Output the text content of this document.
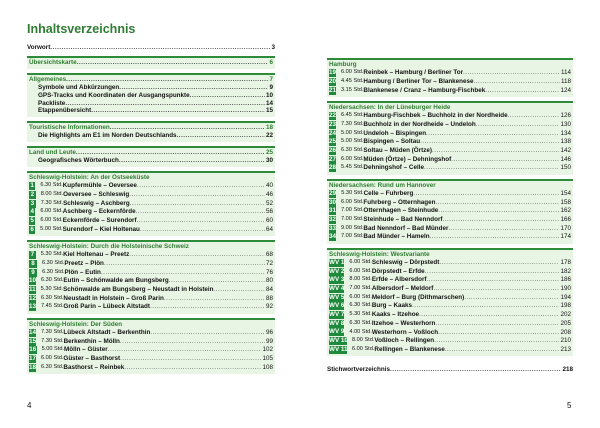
Inhaltsverzeichnis
Vorwort .....	3
Übersichtskarte .....	6
Allgemeines .....	7
Symbole und Abkürzungen .....	9
GPS-Tracks und Koordinaten der Ausgangspunkte .....	10
Packliste .....	14
Etappenübersicht .....	15
Touristische Informationen .....	18
Die Highlights am E1 im Norden Deutschlands .....	22
Land und Leute .....	25
Geografisches Wörterbuch .....	30
Schleswig-Holstein: An der Ostseeküste
1 6.30 Std. Kupfermühle – Oeversee .....	40
2 8.00 Std. Oeversee – Schleswig .....	46
3 7.30 Std. Schleswig – Aschberg .....	52
4 6.00 Std. Aschberg – Eckernförde .....	56
5 6.00 Std. Eckernförde – Surendorf .....	60
6 5.00 Std. Surendorf – Kiel Holtenau .....	64
Schleswig-Holstein: Durch die Holsteinische Schweiz
7 5.30 Std. Kiel Holtenau – Preetz .....	68
8	6.30 Std. Preetz – Plön .....	72
9	6.30 Std. Plön – Eutin .....	76
10 6.30 Std. Eutin – Schönwalde am Bungsberg .....	80
11 5.30 Std. Schönwalde am Bungsberg – Neustadt in Holstein .....	84
12 6.30 Std. Neustadt in Holstein – Groß Parin .....	88
13 7.45 Std. Groß Parin – Lübeck Altstadt .....	92
Schleswig-Holstein: Der Süden
14 7.30 Std. Lübeck Altstadt – Berkenthin .....	96
15 7.30 Std. Berkenthin – Mölln .....	99
16 5.00 Std. Mölln – Güster .....	102
17 6.00 Std. Güster – Basthorst .....	105
18 6.30 Std. Basthorst – Reinbek .....	108
Hamburg
19 6.00 Std. Reinbek – Hamburg / Berliner Tor .....	114
20 4.45 Std. Hamburg / Berliner Tor – Blankenese .....	118
21 3.15 Std. Blankenese / Cranz – Hamburg-Fischbek .....	124
Niedersachsen: In der Lüneburger Heide
22 6.45 Std. Hamburg-Fischbek – Buchholz in der Nordheide .....	126
23 7.30 Std. Buchholz in der Nordheide – Undeloh .....	130
24 5.00 Std. Undeloh – Bispingen .....	134
25 5.00 Std. Bispingen – Soltau .....	138
26 6.30 Std. Soltau – Müden (Örtze) .....	142
27 6.00 Std. Müden (Örtze) – Dehningshof .....	146
28 5.45 Std. Dehningshof – Celle .....	150
Niedersachsen: Rund um Hannover
29 5.30 Std. Celle – Fuhrberg .....	154
30 6.00 Std. Fuhrberg – Otternhagen .....	158
31 7.00 Std. Otternhagen – Steinhude .....	162
32 7.00 Std. Steinhude – Bad Nenndorf .....	166
33 9.00 Std. Bad Nenndorf – Bad Münder .....	170
34 7.00 Std. Bad Münder – Hameln .....	174
Schleswig-Holstein: Westvariante
WV 1 6.00 Std. Schleswig – Dörpstedt .....	178
WV 2 6.00 Std. Dörpstedt – Erfde .....	182
WV 3 8.00 Std. Erfde – Albersdorf .....	186
WV 4 7.00 Std. Albersdorf – Meldorf .....	190
WV 5 6.00 Std. Meldorf – Burg (Dithmarschen) .....	194
WV 6 6.30 Std. Burg – Kaaks .....	198
WV 7 5.30 Std. Kaaks – Itzehoe .....	202
WV 8 6.30 Std. Itzehoe – Westerhorn .....	205
WV 9 4.00 Std. Westerhorn – Voßloch .....	208
WV 10 8.00 Std. Voßloch – Rellingen .....	210
WV 11 6.00 Std. Rellingen – Blankenese .....	213
Stichwortverzeichnis .....	218
4	5
